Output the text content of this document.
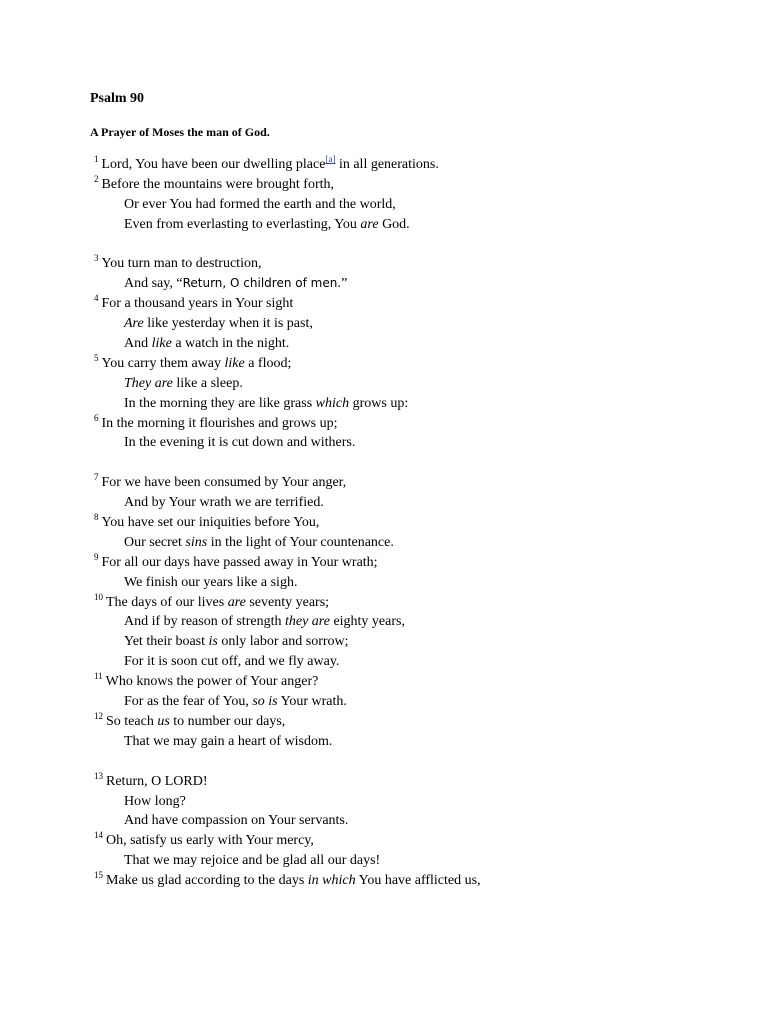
Psalm 90
A Prayer of Moses the man of God.
$^1$ Lord, You have been our dwelling place[a] in all generations.
$^2$ Before the mountains were brought forth,
Or ever You had formed the earth and the world,
Even from everlasting to everlasting, You are God.
$^3$ You turn man to destruction,
And say, “Return, O children of men.”
$^4$ For a thousand years in Your sight
Are like yesterday when it is past,
And like a watch in the night.
$^5$ You carry them away like a flood;
They are like a sleep.
In the morning they are like grass which grows up:
$^6$ In the morning it flourishes and grows up;
In the evening it is cut down and withers.
$^7$ For we have been consumed by Your anger,
And by Your wrath we are terrified.
$^8$ You have set our iniquities before You,
Our secret sins in the light of Your countenance.
$^9$ For all our days have passed away in Your wrath;
We finish our years like a sigh.
$^{10}$ The days of our lives are seventy years;
And if by reason of strength they are eighty years,
Yet their boast is only labor and sorrow;
For it is soon cut off, and we fly away.
$^{11}$ Who knows the power of Your anger?
For as the fear of You, so is Your wrath.
$^{12}$ So teach us to number our days,
That we may gain a heart of wisdom.
$^{13}$ Return, O LORD!
How long?
And have compassion on Your servants.
$^{14}$ Oh, satisfy us early with Your mercy,
That we may rejoice and be glad all our days!
$^{15}$ Make us glad according to the days in which You have afflicted us,
